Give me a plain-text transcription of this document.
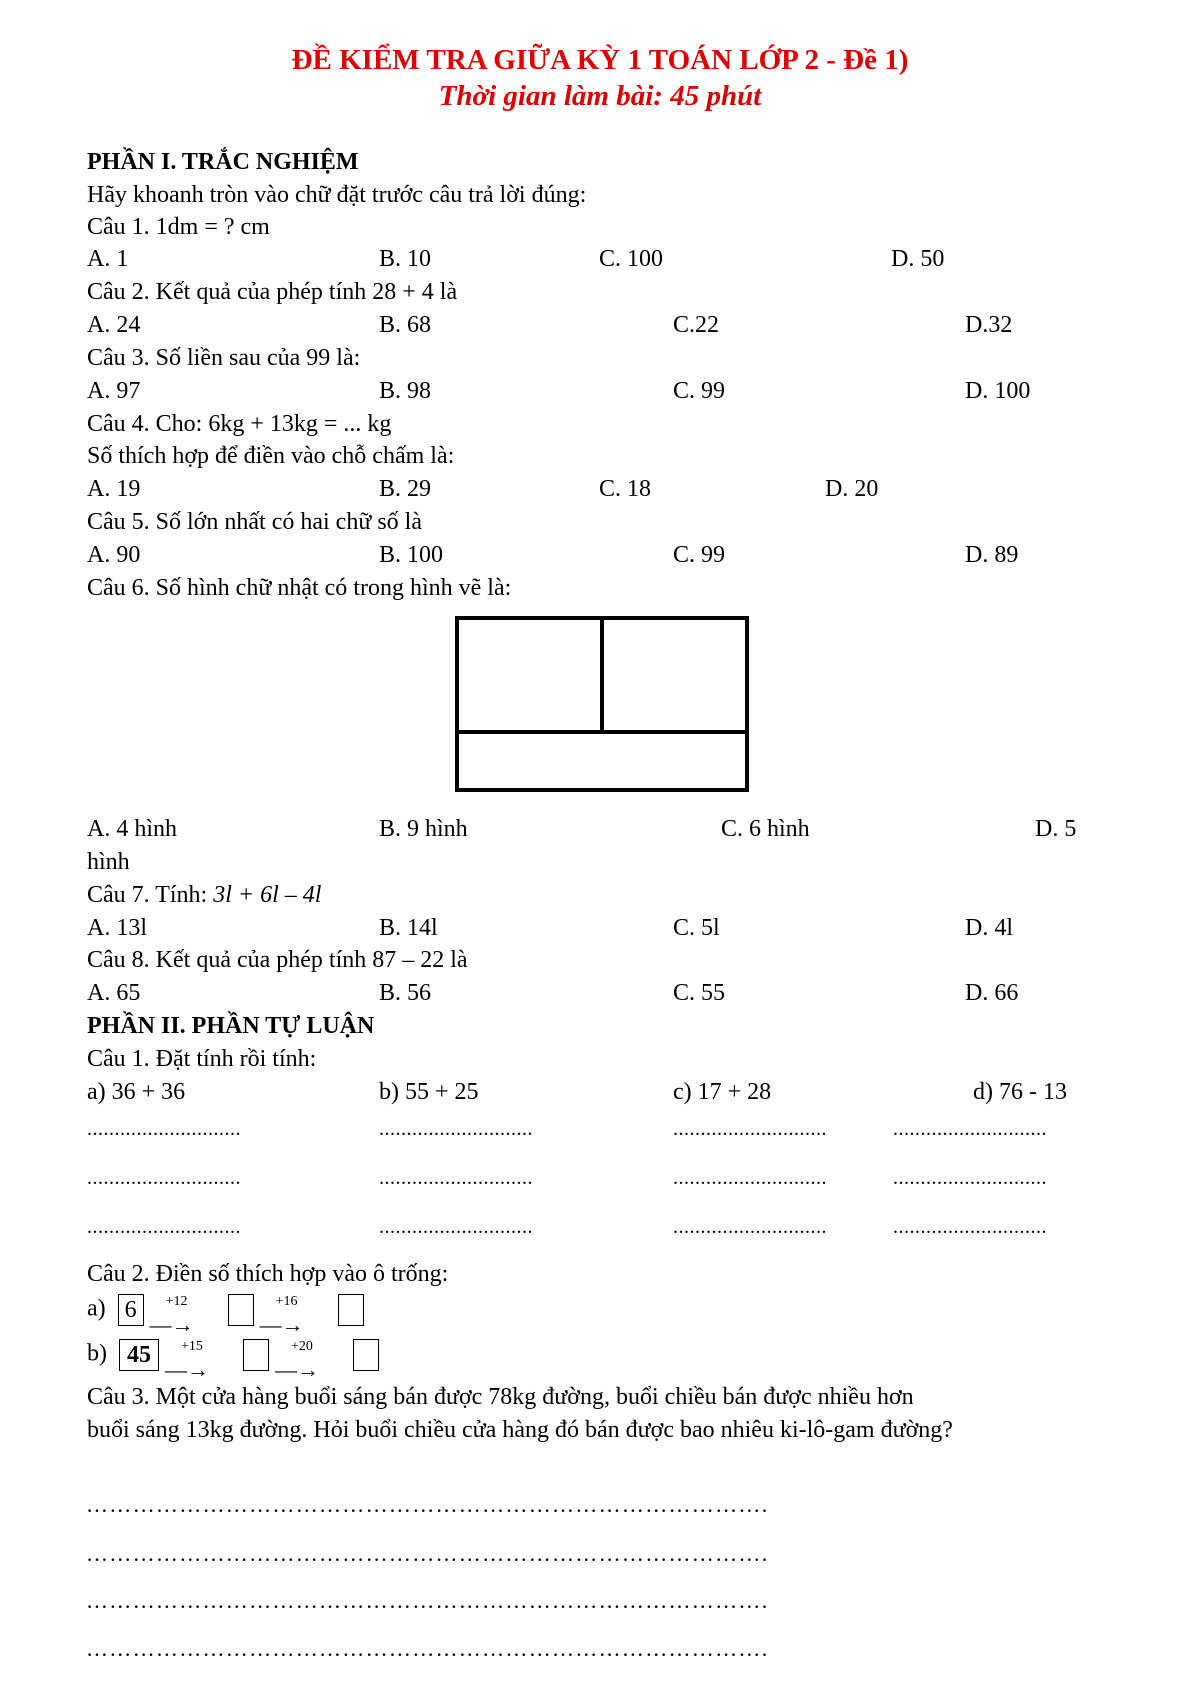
ĐỀ KIỂM TRA GIỮA KỲ 1 TOÁN LỚP 2 - Đề 1)
Thời gian làm bài: 45 phút
PHẦN I. TRẮC NGHIỆM
Hãy khoanh tròn vào chữ đặt trước câu trả lời đúng:
Câu 1. 1dm = ? cm
A. 1	B. 10	C. 100	D. 50
Câu 2. Kết quả của phép tính 28 + 4 là
A. 24	B. 68	C.22	D.32
Câu 3. Số liền sau của 99 là:
A. 97	B. 98	C. 99	D. 100
Câu 4. Cho: 6kg + 13kg = ... kg
Số thích hợp để điền vào chỗ chấm là:
A. 19	B. 29	C. 18	D. 20
Câu 5. Số lớn nhất có hai chữ số là
A. 90	B. 100	C. 99	D. 89
Câu 6. Số hình chữ nhật có trong hình vẽ là:
A. 4 hình	B. 9 hình	C. 6 hình	D. 5
hình
Câu 7. Tính: 3l + 6l – 4l
A. 13l	B. 14l	C. 5l	D. 4l
Câu 8. Kết quả của phép tính 87 – 22 là
A. 65	B. 56	C. 55	D. 66
PHẦN II. PHẦN TỰ LUẬN
Câu 1. Đặt tính rồi tính:
a) 36 + 36	b) 55 + 25	c) 17 + 28	d) 76 - 13
............................	............................	............................	............................
............................	............................	............................	............................
............................	............................	............................	............................
Câu 2. Điền số thích hợp vào ô trống:
a) 6 +12
—→

+16
—→

b) 45 +15
—→

+20
—→

Câu 3. Một cửa hàng buổi sáng bán được 78kg đường, buổi chiều bán được nhiều hơn
buổi sáng 13kg đường. Hỏi buổi chiều cửa hàng đó bán được bao nhiêu ki-lô-gam đường?
…………………………………………………………………………….
…………………………………………………………………………….
…………………………………………………………………………….
…………………………………………………………………………….
